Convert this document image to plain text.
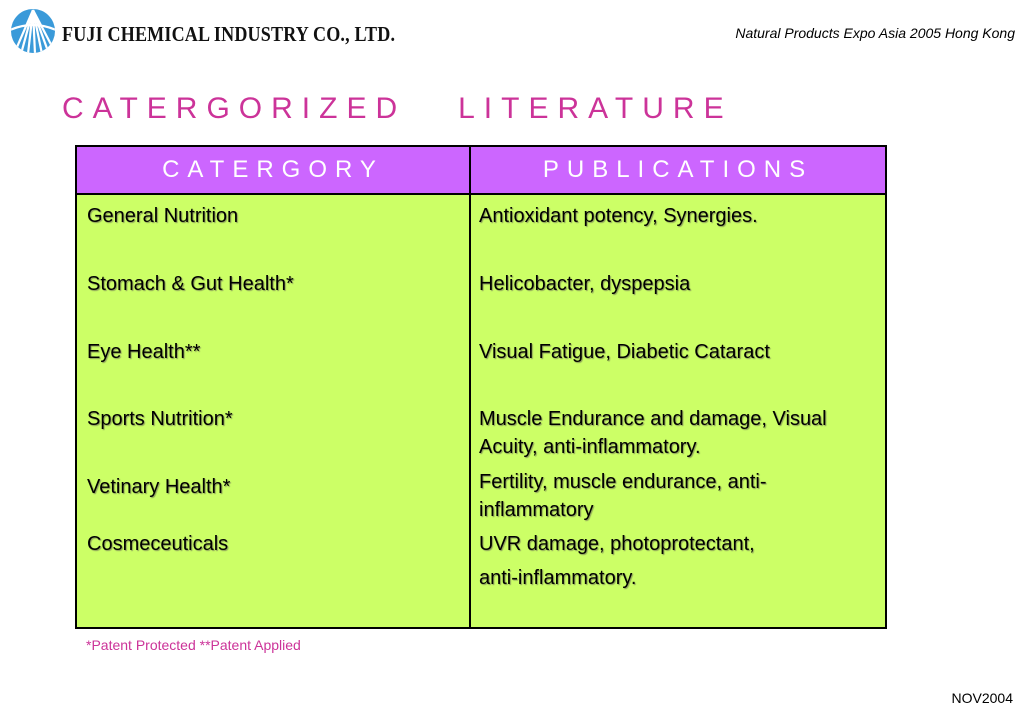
FUJI CHEMICAL INDUSTRY CO., LTD.	Natural Products Expo Asia 2005 Hong Kong
CATERGORIZED   LITERATURE
CATERGORY	PUBLICATIONS
General Nutrition	Antioxidant potency, Synergies.
Stomach & Gut Health*	Helicobacter, dyspepsia
Eye Health**	Visual Fatigue, Diabetic Cataract
Sports Nutrition*	Muscle Endurance and damage, Visual Acuity, anti-inflammatory.
Vetinary Health*	Fertility, muscle endurance, anti-inflammatory
Cosmeceuticals	UVR damage, photoprotectant,
anti-inflammatory.
*Patent Protected **Patent Applied
NOV2004
